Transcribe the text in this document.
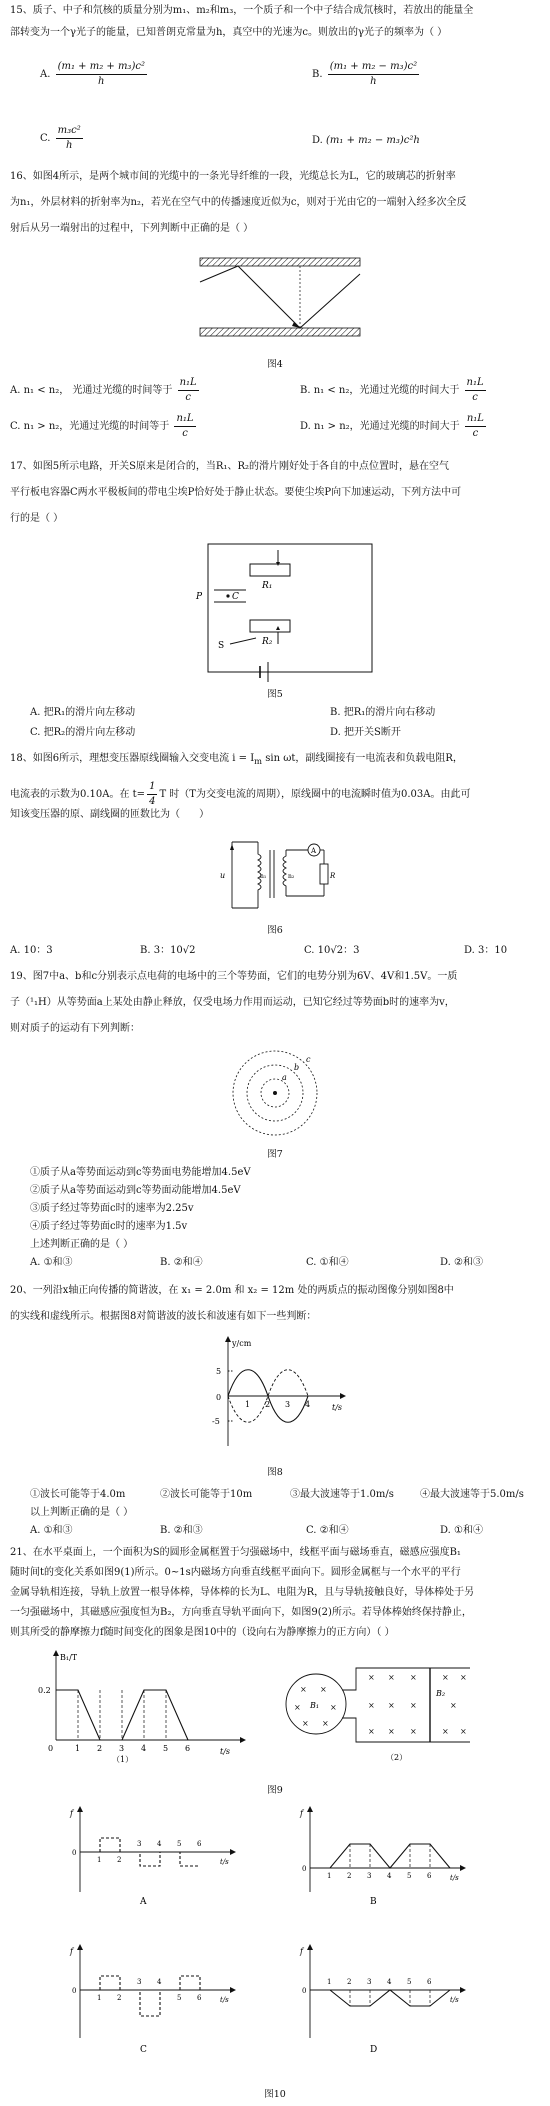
15、质子、中子和氘核的质量分别为m₁、m₂和m₃，一个质子和一个中子结合成氘核时，若放出的能量全
部转变为一个γ光子的能量，已知普朗克常量为h，真空中的光速为c。则放出的γ光子的频率为（ ）
A. $\frac{\text{(m₁ + m₂ + m₃)c²}}{h}$	B. $\frac{\text{(m₁ + m₂ − m₃)c²}}{h}$
C. $\frac{\text{m₃c²}}{h}$	D. (m₁ + m₂ − m₃)c²h
16、如图4所示，是两个城市间的光缆中的一条光导纤维的一段，光缆总长为L，它的玻璃芯的折射率
为n₁，外层材料的折射率为n₂，若光在空气中的传播速度近似为c，则对于光由它的一端射入经多次全反
射后从另一端射出的过程中，下列判断中正确的是（ ）
图4
A. n₁ < n₂， 光通过光缆的时间等于 $\frac{\text{n₁L}}{c}$	B. n₁ < n₂，光通过光缆的时间大于 $\frac{\text{n₁L}}{c}$
C. n₁ > n₂，光通过光缆的时间等于 $\frac{\text{n₁L}}{c}$	D. n₁ > n₂，光通过光缆的时间大于 $\frac{\text{n₁L}}{c}$
17、如图5所示电路，开关S原来是闭合的，当R₁、R₂的滑片刚好处于各自的中点位置时，悬在空气
平行板电容器C两水平极板间的带电尘埃P恰好处于静止状态。要使尘埃P向下加速运动，下列方法中可
行的是（ ）
P	C
S
R₁
R₂
图5
A. 把R₁的滑片向左移动	B. 把R₁的滑片向右移动
C. 把R₂的滑片向左移动	D. 把开关S断开
18、如图6所示，理想变压器原线圈输入交变电流 $i = I_m$ sin ωt，副线圈接有一电流表和负载电阻R，
电流表的示数为0.10A。在 $t= \frac{1}{4}$ T 时（T为交变电流的周期），原线圈中的电流瞬时值为0.03A。由此可
知该变压器的原、副线圈的匝数比为（ ）
u	n₁	n₂
A
R
图6
A. 10：3	B. 3：10√2	C. 10√2：3	D. 3：10
19、图7中a、b和c分别表示点电荷的电场中的三个等势面，它们的电势分别为6V、4V和1.5V。一质
子（¹₁H）从等势面a上某处由静止释放，仅受电场力作用而运动，已知它经过等势面b时的速率为v，
则对质子的运动有下列判断：
a
b
c
图7
①质子从a等势面运动到c等势面电势能增加4.5eV
②质子从a等势面运动到c等势面动能增加4.5eV
③质子经过等势面c时的速率为2.25v
④质子经过等势面c时的速率为1.5v
上述判断正确的是（ ）
A. ①和③	B. ②和④	C. ①和④	D. ②和③
20、一列沿x轴正向传播的简谐波，在 x₁ = 2.0m 和 x₂ = 12m 处的两质点的振动图像分别如图8中
的实线和虚线所示。根据图8对简谐波的波长和波速有如下一些判断：
y/cm
t/s
5
0
-5
1 2 3 4
图8
①波长可能等于4.0m	②波长可能等于10m	③最大波速等于1.0m/s	④最大波速等于5.0m/s
以上判断正确的是（ ）
A. ①和③	B. ②和③	C. ②和④	D. ①和④
21、在水平桌面上，一个面积为S的圆形金属框置于匀强磁场中，线框平面与磁场垂直，磁感应强度B₁
随时间t的变化关系如图9(1)所示。0~1s内磁场方向垂直线框平面向下。圆形金属框与一个水平的平行
金属导轨相连接，导轨上放置一根导体棒，导体棒的长为L、电阻为R，且与导轨接触良好，导体棒处于另
一匀强磁场中，其磁感应强度恒为B₂，方向垂直导轨平面向下，如图9(2)所示。若导体棒始终保持静止，
则其所受的静摩擦力f随时间变化的图象是图10中的（设向右为静摩擦力的正方向）（ ）
B₁/T
0.2
0	1 2 3 4 5 6	t/s
（1）
× ×
×	×
× ×
× × ×	× ×
× × ×	×
× × ×	× ×
B₁
B₂
（2）
图9
f
0
1 2
3 4 5 6
t/s
A
f
0
1 2 3 4 5 6	t/s
B
f
0
1 2
3 4
5 6	t/s
C
f
0
1 2 3 4 5 6
t/s
D
图10
